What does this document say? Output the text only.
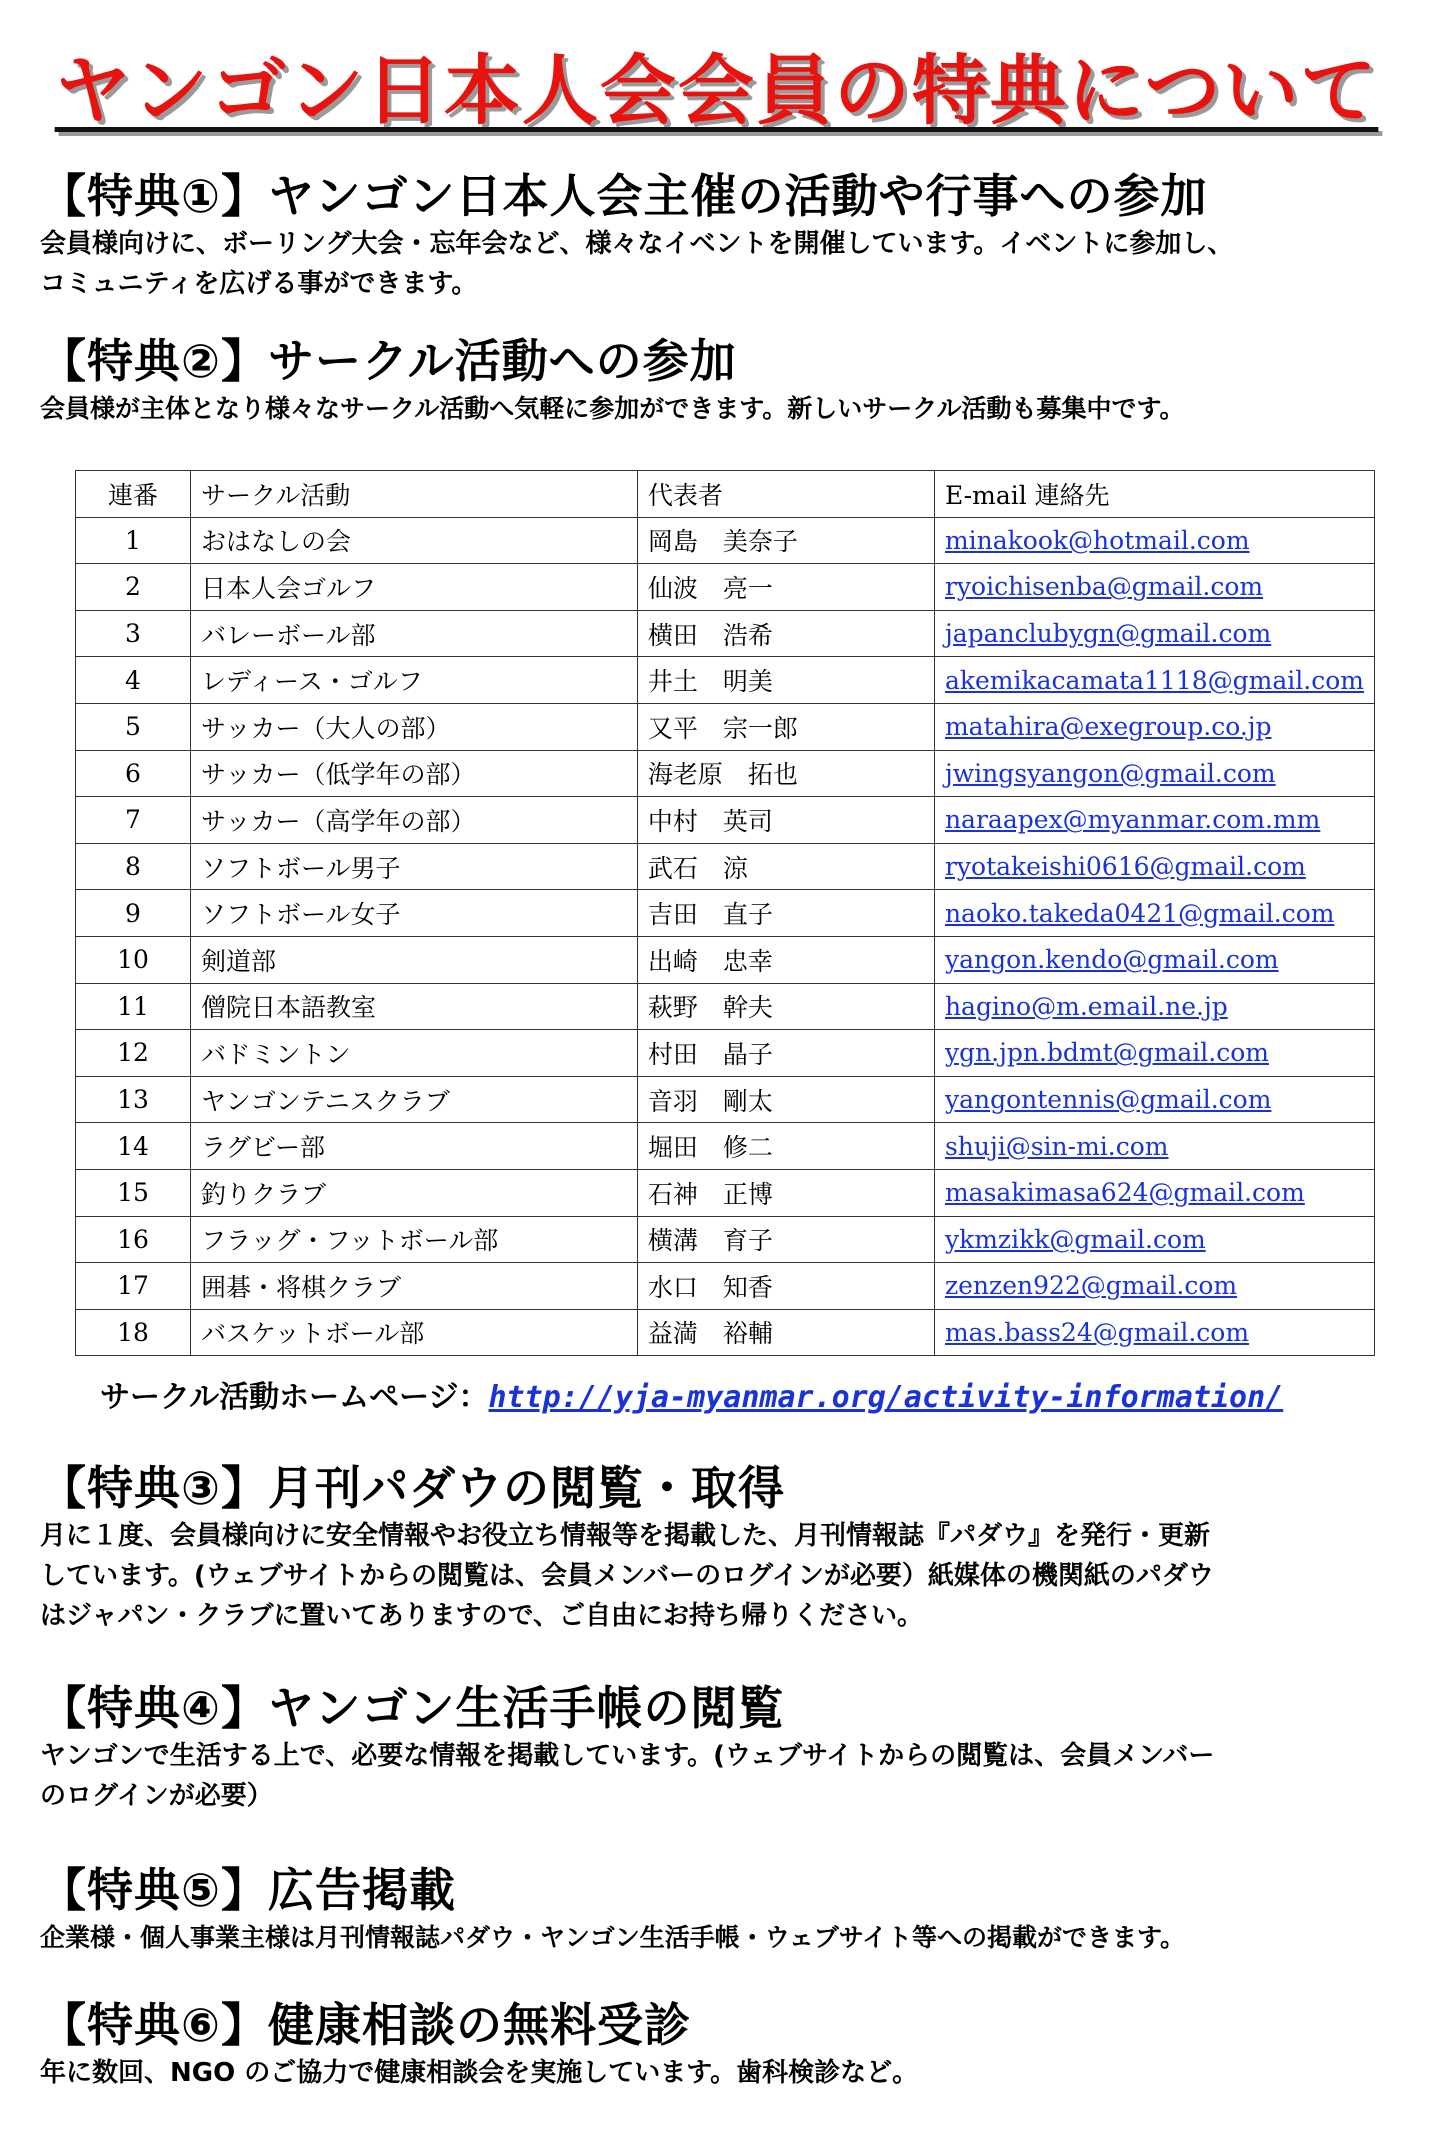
ヤンゴン日本人会会員の特典について

【特典①】ヤンゴン日本人会主催の活動や行事への参加

会員様向けに、ボーリング大会・忘年会など、様々なイベントを開催しています。イベントに参加し、

コミュニティを広げる事ができます。

【特典②】サークル活動への参加

会員様が主体となり様々なサークル活動へ気軽に参加ができます。新しいサークル活動も募集中です。

連番	サークル活動	代表者	E-mail 連絡先
1	おはなしの会	岡島　美奈子	minakook@hotmail.com
2	日本人会ゴルフ	仙波　亮一	ryoichisenba@gmail.com
3	バレーボール部	横田　浩希	japanclubygn@gmail.com
4	レディース・ゴルフ	井土　明美	akemikacamata1118@gmail.com
5	サッカー（大人の部）	又平　宗一郎	matahira@exegroup.co.jp
6	サッカー（低学年の部）	海老原　拓也	jwingsyangon@gmail.com
7	サッカー（高学年の部）	中村　英司	naraapex@myanmar.com.mm
8	ソフトボール男子	武石　涼	ryotakeishi0616@gmail.com
9	ソフトボール女子	吉田　直子	naoko.takeda0421@gmail.com
10	剣道部	出崎　忠幸	yangon.kendo@gmail.com
11	僧院日本語教室	萩野　幹夫	hagino@m.email.ne.jp
12	バドミントン	村田　晶子	ygn.jpn.bdmt@gmail.com
13	ヤンゴンテニスクラブ	音羽　剛太	yangontennis@gmail.com
14	ラグビー部	堀田　修二	shuji@sin-mi.com
15	釣りクラブ	石神　正博	masakimasa624@gmail.com
16	フラッグ・フットボール部	横溝　育子	ykmzikk@gmail.com
17	囲碁・将棋クラブ	水口　知香	zenzen922@gmail.com
18	バスケットボール部	益満　裕輔	mas.bass24@gmail.com
サークル活動ホームページ：http://yja-myanmar.org/activity-information/

【特典③】月刊パダウの閲覧・取得

月に１度、会員様向けに安全情報やお役立ち情報等を掲載した、月刊情報誌『パダウ』を発行・更新

しています。(ウェブサイトからの閲覧は、会員メンバーのログインが必要）紙媒体の機関紙のパダウ

はジャパン・クラブに置いてありますので、ご自由にお持ち帰りください。

【特典④】ヤンゴン生活手帳の閲覧

ヤンゴンで生活する上で、必要な情報を掲載しています。(ウェブサイトからの閲覧は、会員メンバー

のログインが必要）

【特典⑤】広告掲載

企業様・個人事業主様は月刊情報誌パダウ・ヤンゴン生活手帳・ウェブサイト等への掲載ができます。

【特典⑥】健康相談の無料受診

年に数回、NGO のご協力で健康相談会を実施しています。歯科検診など。
